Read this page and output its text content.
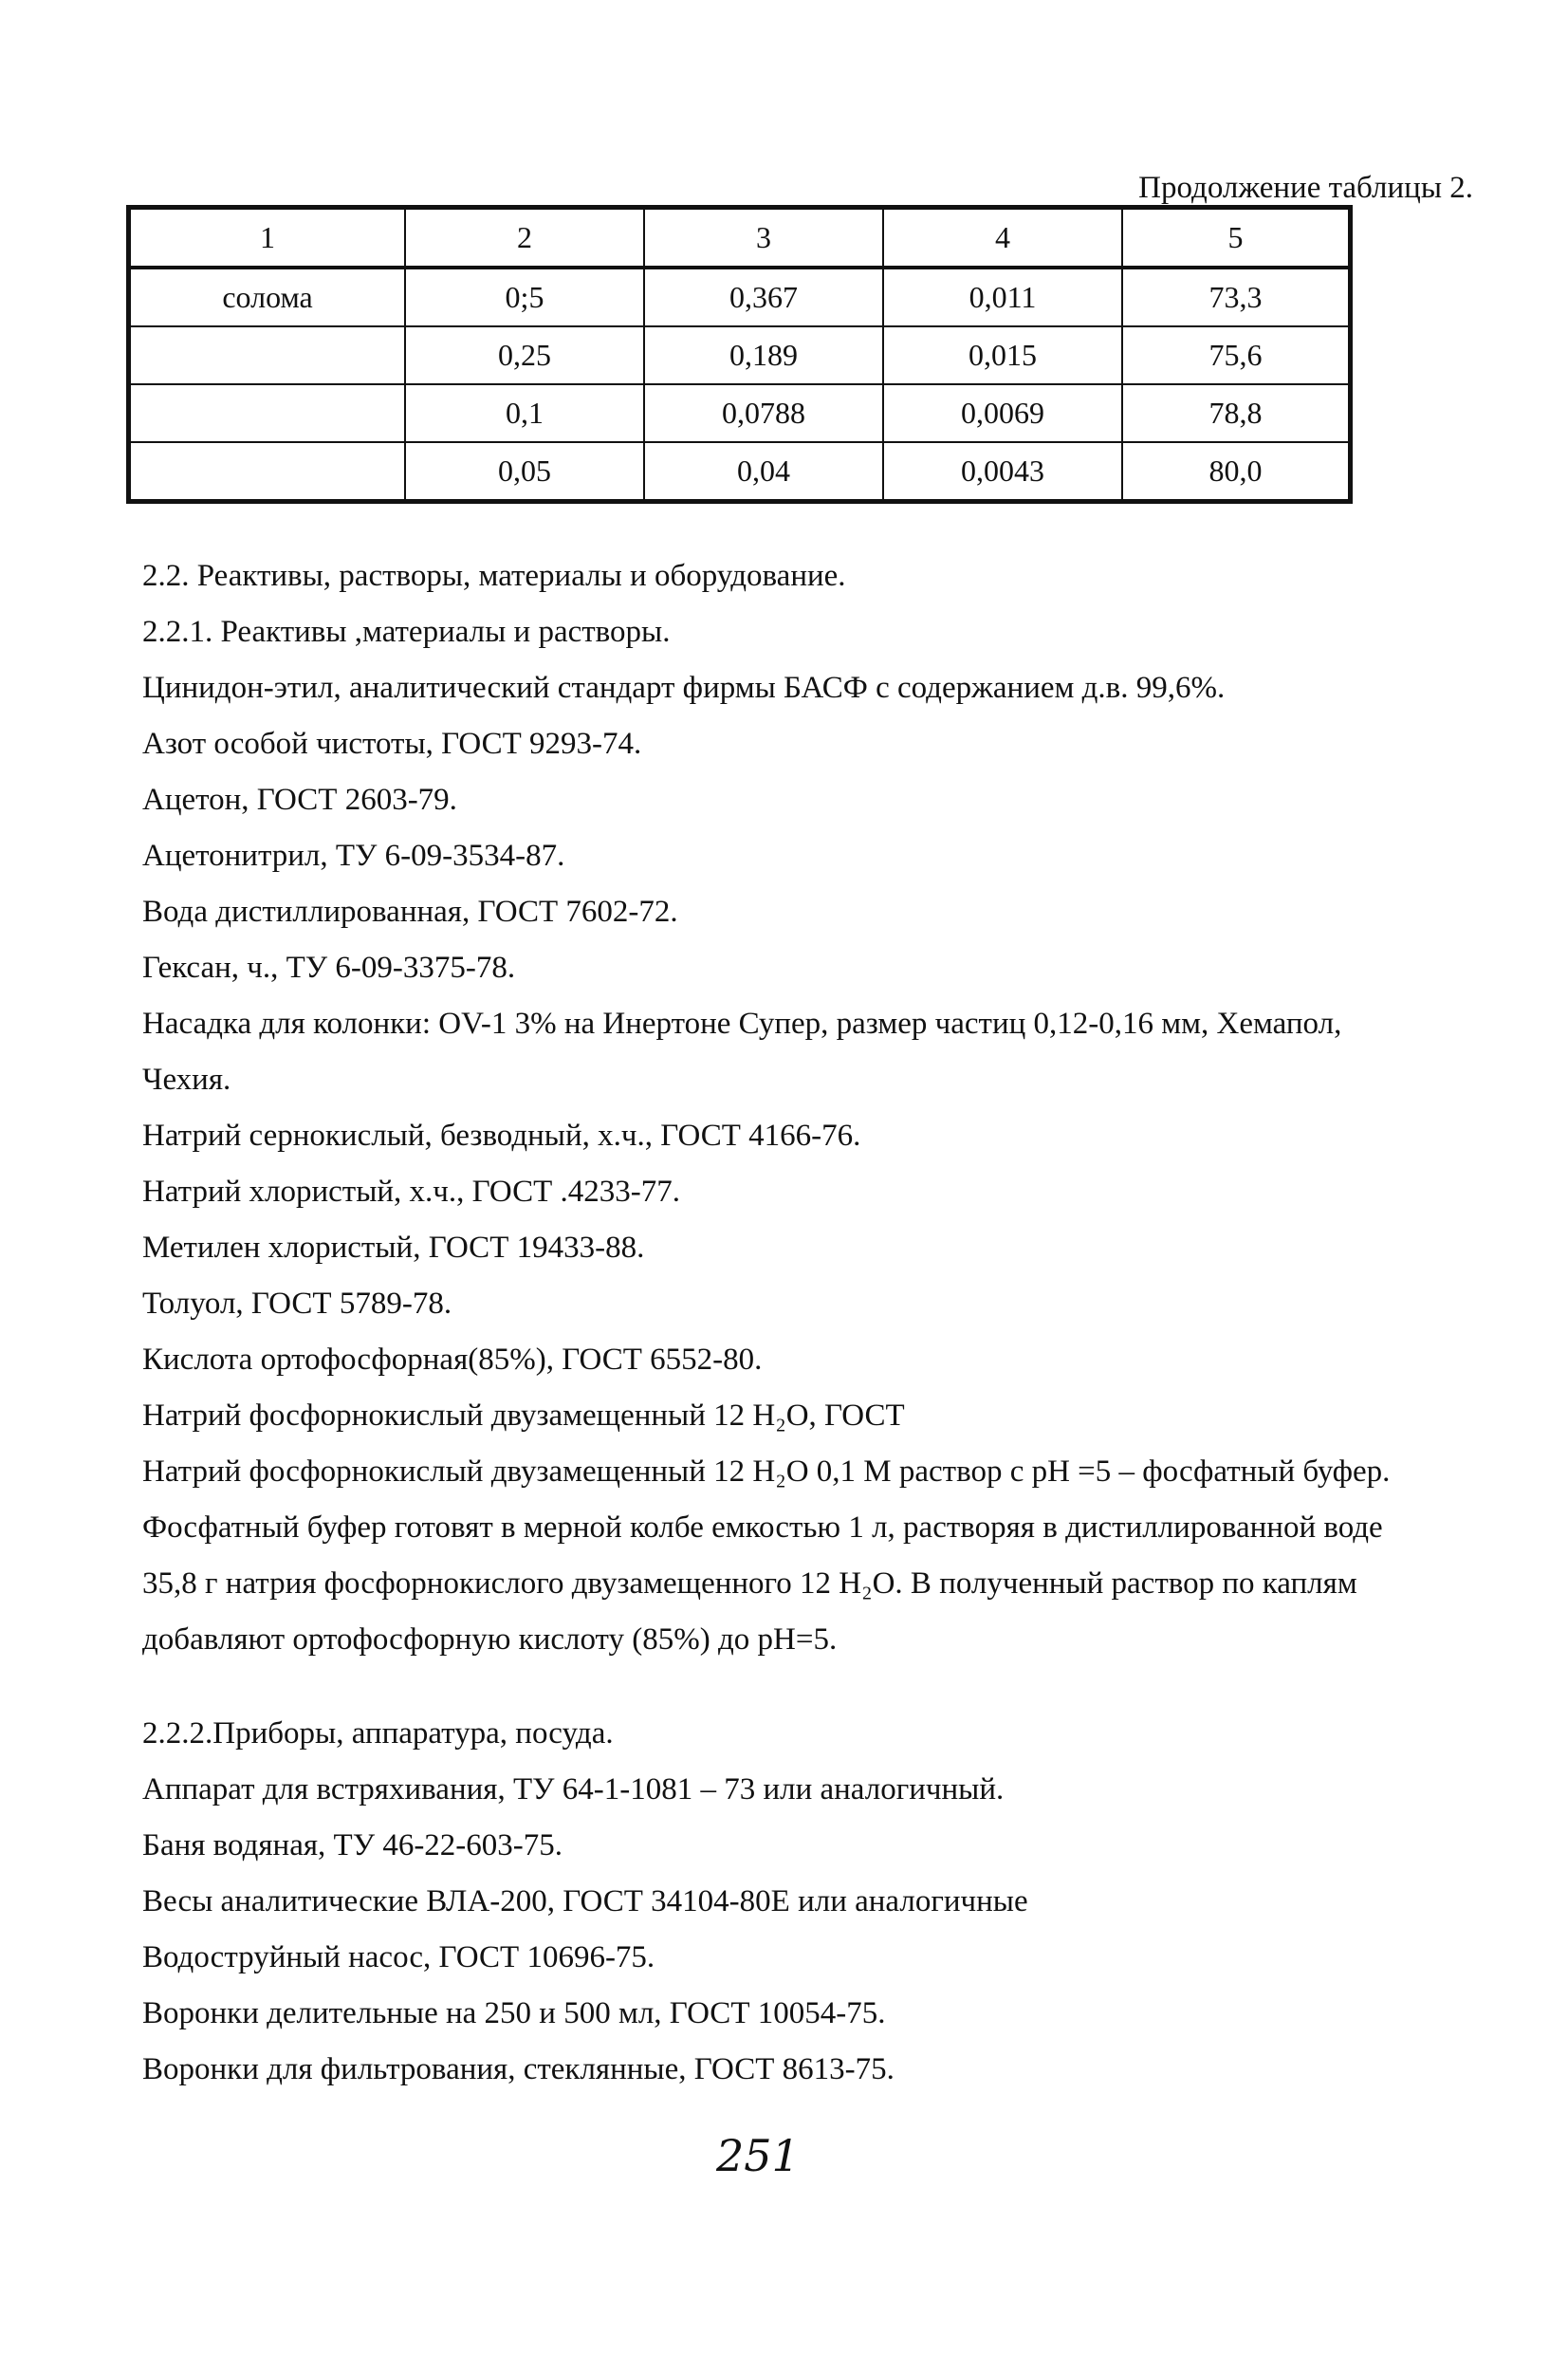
Продолжение таблицы 2.
1	2	3	4	5
солома	0;5	0,367	0,011	73,3
	0,25	0,189	0,015	75,6
	0,1	0,0788	0,0069	78,8
	0,05	0,04	0,0043	80,0
2.2. Реактивы, растворы, материалы и оборудование.
2.2.1. Реактивы ,материалы и растворы.
Цинидон-этил, аналитический стандарт фирмы БАСФ с содержанием д.в. 99,6%.
Азот особой чистоты, ГОСТ 9293-74.
Ацетон, ГОСТ 2603-79.
Ацетонитрил, ТУ 6-09-3534-87.
Вода дистиллированная, ГОСТ 7602-72.
Гексан, ч., ТУ 6-09-3375-78.
Насадка для колонки: OV-1 3% на Инертоне Супер, размер частиц 0,12-0,16 мм, Хемапол,
Чехия.
Натрий сернокислый, безводный, х.ч., ГОСТ 4166-76.
Натрий хлористый, х.ч., ГОСТ .4233-77.
Метилен хлористый, ГОСТ 19433-88.
Толуол, ГОСТ 5789-78.
Кислота ортофосфорная(85%), ГОСТ 6552-80.
Натрий фосфорнокислый двузамещенный 12 H₂O, ГОСТ
Натрий фосфорнокислый двузамещенный 12 H₂O 0,1 М раствор с pH =5 – фосфатный буфер.
Фосфатный буфер готовят в мерной колбе емкостью 1 л, растворяя в дистиллированной воде
35,8 г натрия фосфорнокислого двузамещенного 12 H₂O. В полученный раствор по каплям
добавляют ортофосфорную кислоту (85%) до pH=5.
2.2.2.Приборы, аппаратура, посуда.
Аппарат для встряхивания, ТУ 64-1-1081 – 73 или аналогичный.
Баня водяная, ТУ 46-22-603-75.
Весы аналитические ВЛА-200, ГОСТ 34104-80Е или аналогичные
Водоструйный насос, ГОСТ 10696-75.
Воронки делительные на 250 и 500 мл, ГОСТ 10054-75.
Воронки для фильтрования, стеклянные, ГОСТ 8613-75.
251
